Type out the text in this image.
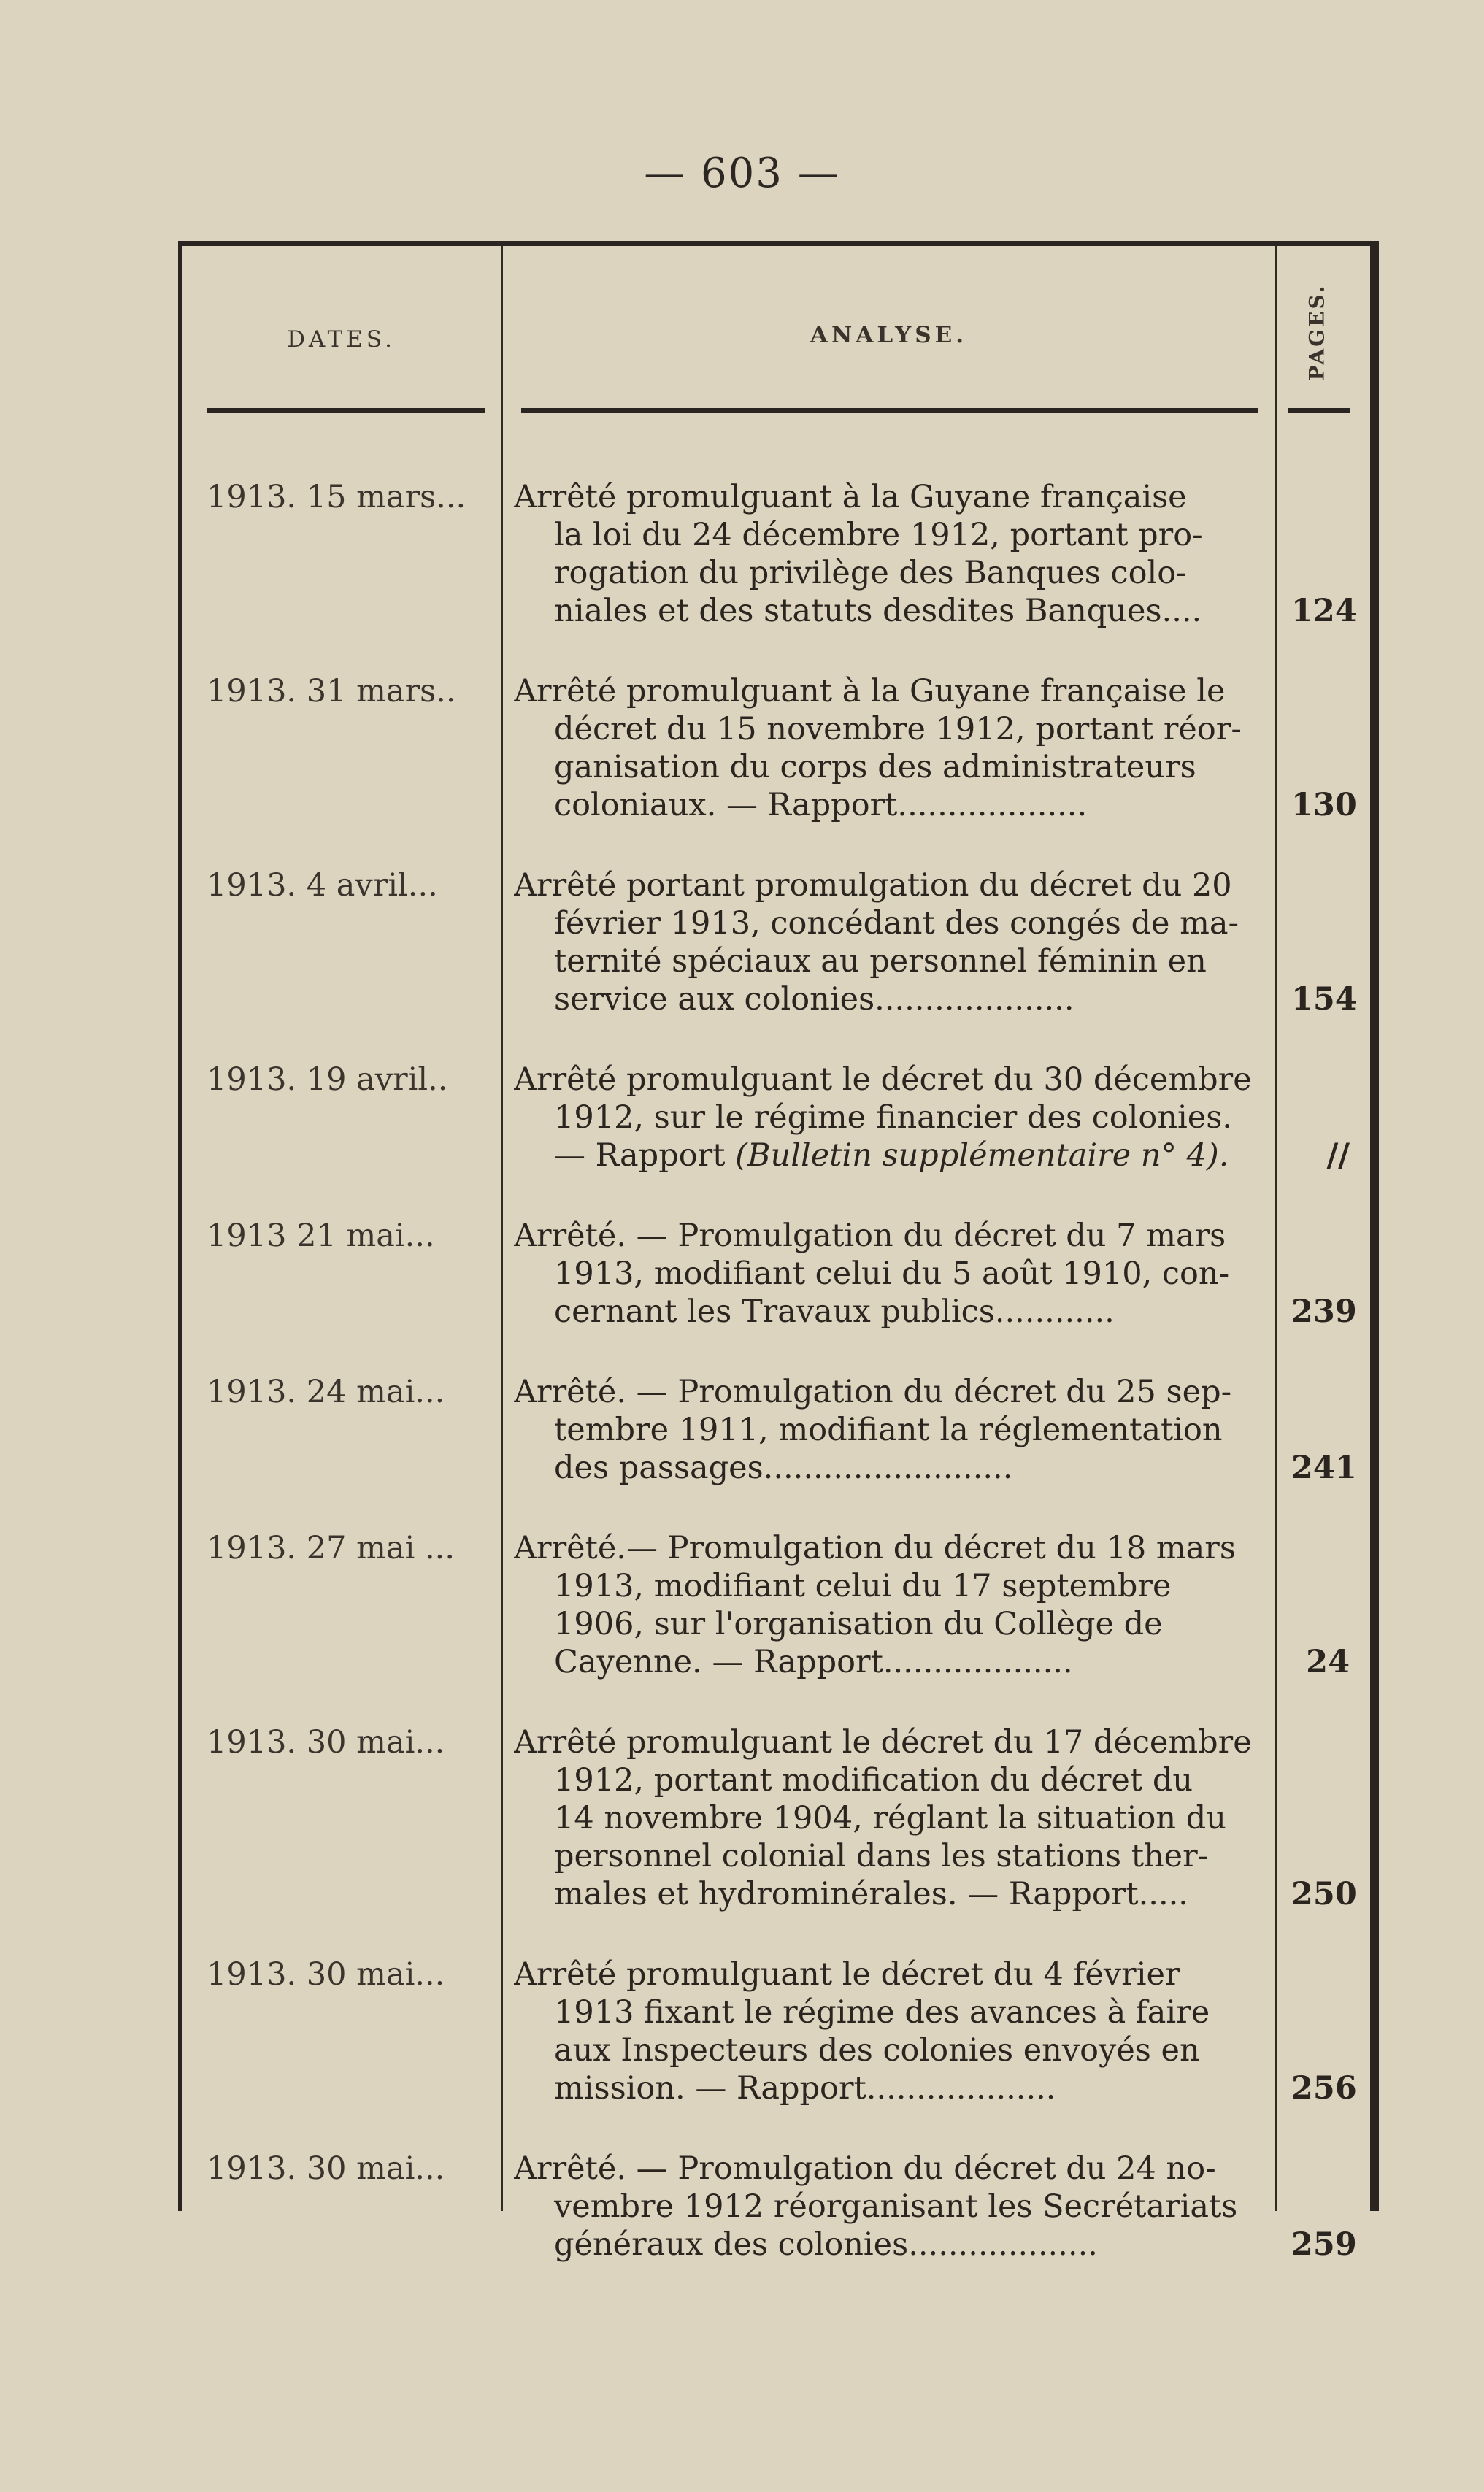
— 603 —
DATES.	ANALYSE.	PAGES.
1913. 15 mars...	Arrêté promulguant à la Guyane française
la loi du 24 décembre 1912, portant pro-
rogation du privilège des Banques colo-
niales et des statuts desdites Banques....	124
1913. 31 mars..	Arrêté promulguant à la Guyane française le
décret du 15 novembre 1912, portant réor-
ganisation du corps des administrateurs
coloniaux. — Rapport...................	130
1913. 4 avril...	Arrêté portant promulgation du décret du 20
février 1913, concédant des congés de ma-
ternité spéciaux au personnel féminin en
service aux colonies....................	154
1913. 19 avril..	Arrêté promulguant le décret du 30 décembre
1912, sur le régime financier des colonies.
— Rapport (Bulletin supplémentaire n° 4).	//
1913 21 mai...	Arrêté. — Promulgation du décret du 7 mars
1913, modifiant celui du 5 août 1910, con-
cernant les Travaux publics............	239
1913. 24 mai...	Arrêté. — Promulgation du décret du 25 sep-
tembre 1911, modifiant la réglementation
des passages.........................	241
1913. 27 mai ...	Arrêté.— Promulgation du décret du 18 mars
1913, modifiant celui du 17 septembre
1906, sur l'organisation du Collège de
Cayenne. — Rapport...................	24
1913. 30 mai...	Arrêté promulguant le décret du 17 décembre
1912, portant modification du décret du
14 novembre 1904, réglant la situation du
personnel colonial dans les stations ther-
males et hydrominérales. — Rapport.....	250
1913. 30 mai...	Arrêté promulguant le décret du 4 février
1913 fixant le régime des avances à faire
aux Inspecteurs des colonies envoyés en
mission. — Rapport...................	256
1913. 30 mai...	Arrêté. — Promulgation du décret du 24 no-
vembre 1912 réorganisant les Secrétariats
généraux des colonies...................	259
